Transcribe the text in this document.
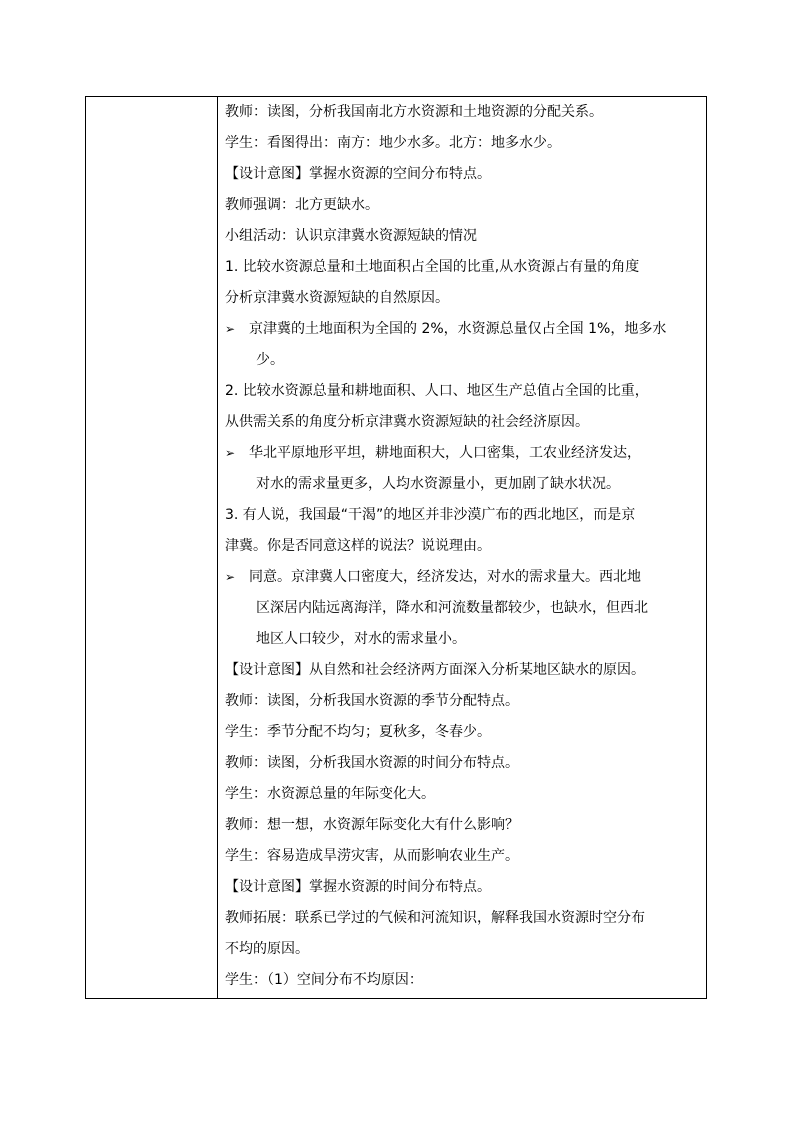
教师：读图，分析我国南北方水资源和土地资源的分配关系。
学生：看图得出：南方：地少水多。北方：地多水少。
【设计意图】掌握水资源的空间分布特点。
教师强调：北方更缺水。
小组活动：认识京津冀水资源短缺的情况
1. 比较水资源总量和土地面积占全国的比重,从水资源占有量的角度
分析京津冀水资源短缺的自然原因。
➢ 京津冀的土地面积为全国的 2%，水资源总量仅占全国 1%，地多水
少。
2. 比较水资源总量和耕地面积、人口、地区生产总值占全国的比重，
从供需关系的角度分析京津冀水资源短缺的社会经济原因。
➢ 华北平原地形平坦，耕地面积大，人口密集，工农业经济发达，
对水的需求量更多，人均水资源量小，更加剧了缺水状况。
3. 有人说，我国最“干渴”的地区并非沙漠广布的西北地区，而是京
津冀。你是否同意这样的说法？说说理由。
➢ 同意。京津冀人口密度大，经济发达，对水的需求量大。西北地
区深居内陆远离海洋，降水和河流数量都较少，也缺水，但西北
地区人口较少，对水的需求量小。
【设计意图】从自然和社会经济两方面深入分析某地区缺水的原因。
教师：读图，分析我国水资源的季节分配特点。
学生：季节分配不均匀；夏秋多，冬春少。
教师：读图，分析我国水资源的时间分布特点。
学生：水资源总量的年际变化大。
教师：想一想，水资源年际变化大有什么影响？
学生：容易造成旱涝灾害，从而影响农业生产。
【设计意图】掌握水资源的时间分布特点。
教师拓展：联系已学过的气候和河流知识，解释我国水资源时空分布
不均的原因。
学生：（1）空间分布不均原因：
